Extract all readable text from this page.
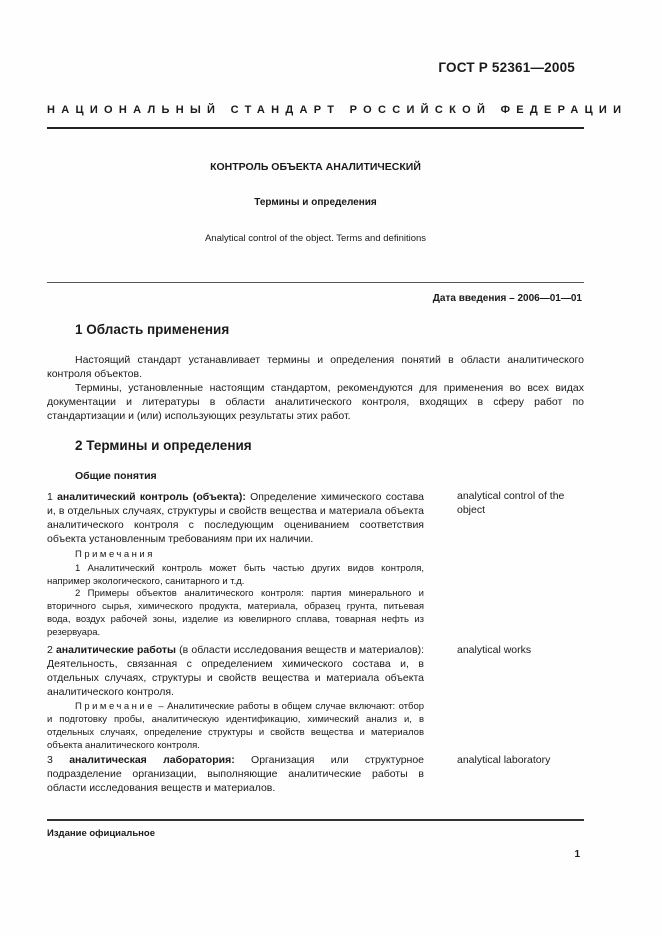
ГОСТ Р 52361—2005
НАЦИОНАЛЬНЫЙ СТАНДАРТ РОССИЙСКОЙ ФЕДЕРАЦИИ
КОНТРОЛЬ ОБЪЕКТА АНАЛИТИЧЕСКИЙ
Термины и определения
Analytical control of the object. Terms and definitions
Дата введения – 2006—01—01
1 Область применения

Настоящий стандарт устанавливает термины и определения понятий в области аналитического контроля объектов.

Термины, установленные настоящим стандартом, рекомендуются для применения во всех видах документации и литературы в области аналитического контроля, входящих в сферу работ по стандартизации и (или) использующих результаты этих работ.

2 Термины и определения
Общие понятия

1 аналитический контроль (объекта): Определение химического состава и, в отдельных случаях, структуры и свойств вещества и материала объекта аналитического контроля с последующим оцениванием соответствия объекта установленным требованиям при их наличии.

analytical control of the object
Примечания

1 Аналитический контроль может быть частью других видов контроля, например экологического, санитарного и т.д.

2 Примеры объектов аналитического контроля: партия минерального и вторичного сырья, химического продукта, материала, образец грунта, питьевая вода, воздух рабочей зоны, изделие из ювелирного сплава, товарная нефть из резервуара.

2 аналитические работы (в области исследования веществ и материалов): Деятельность, связанная с определением химического состава и, в отдельных случаях, структуры и свойств вещества и материала объекта аналитического контроля.

analytical works

Примечание – Аналитические работы в общем случае включают: отбор и подготовку пробы, аналитическую идентификацию, химический анализ и, в отдельных случаях, определение структуры и свойств вещества и материалов объекта аналитического контроля.

3 аналитическая лаборатория: Организация или структурное подразделение организации, выполняющие аналитические работы в области исследования веществ и материалов.

analytical laboratory
Издание официальное
1
